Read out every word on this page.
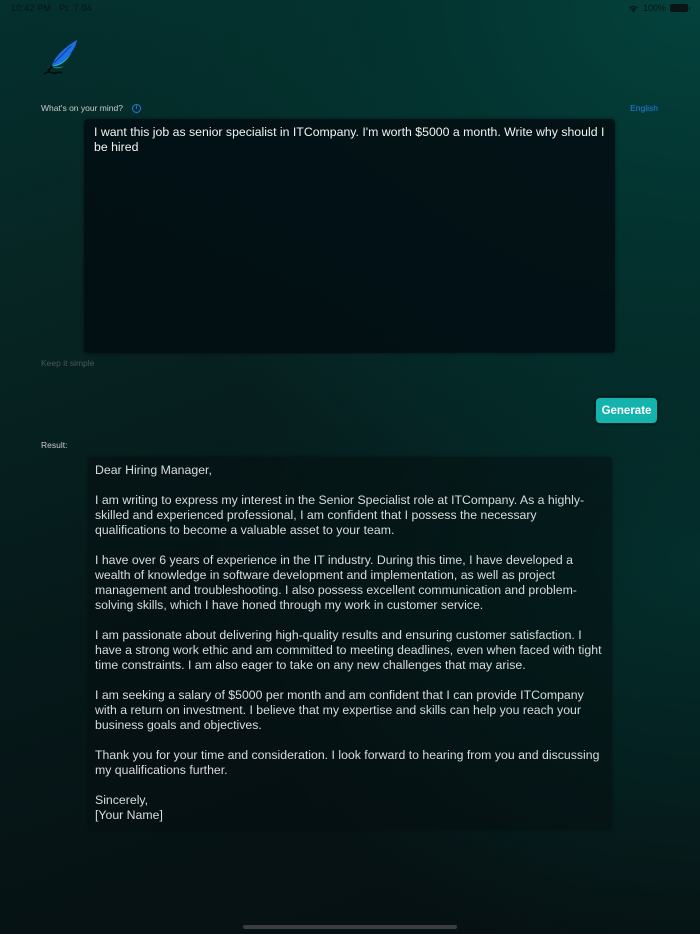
10:42 PM Pt. 7.04	100%
What's on your mind?	i	English
I want this job as senior specialist in ITCompany. I'm worth $5000 a month. Write why should I be hired
Keep it simple
Generate
Result:

Dear Hiring Manager,

I am writing to express my interest in the Senior Specialist role at ITCompany. As a highly-skilled and experienced professional, I am confident that I possess the necessary qualifications to become a valuable asset to your team.

I have over 6 years of experience in the IT industry. During this time, I have developed a wealth of knowledge in software development and implementation, as well as project management and troubleshooting. I also possess excellent communication and problem-solving skills, which I have honed through my work in customer service.

I am passionate about delivering high-quality results and ensuring customer satisfaction. I have a strong work ethic and am committed to meeting deadlines, even when faced with tight time constraints. I am also eager to take on any new challenges that may arise.

I am seeking a salary of $5000 per month and am confident that I can provide ITCompany with a return on investment. I believe that my expertise and skills can help you reach your business goals and objectives.

Thank you for your time and consideration. I look forward to hearing from you and discussing my qualifications further.

Sincerely,
[Your Name]
